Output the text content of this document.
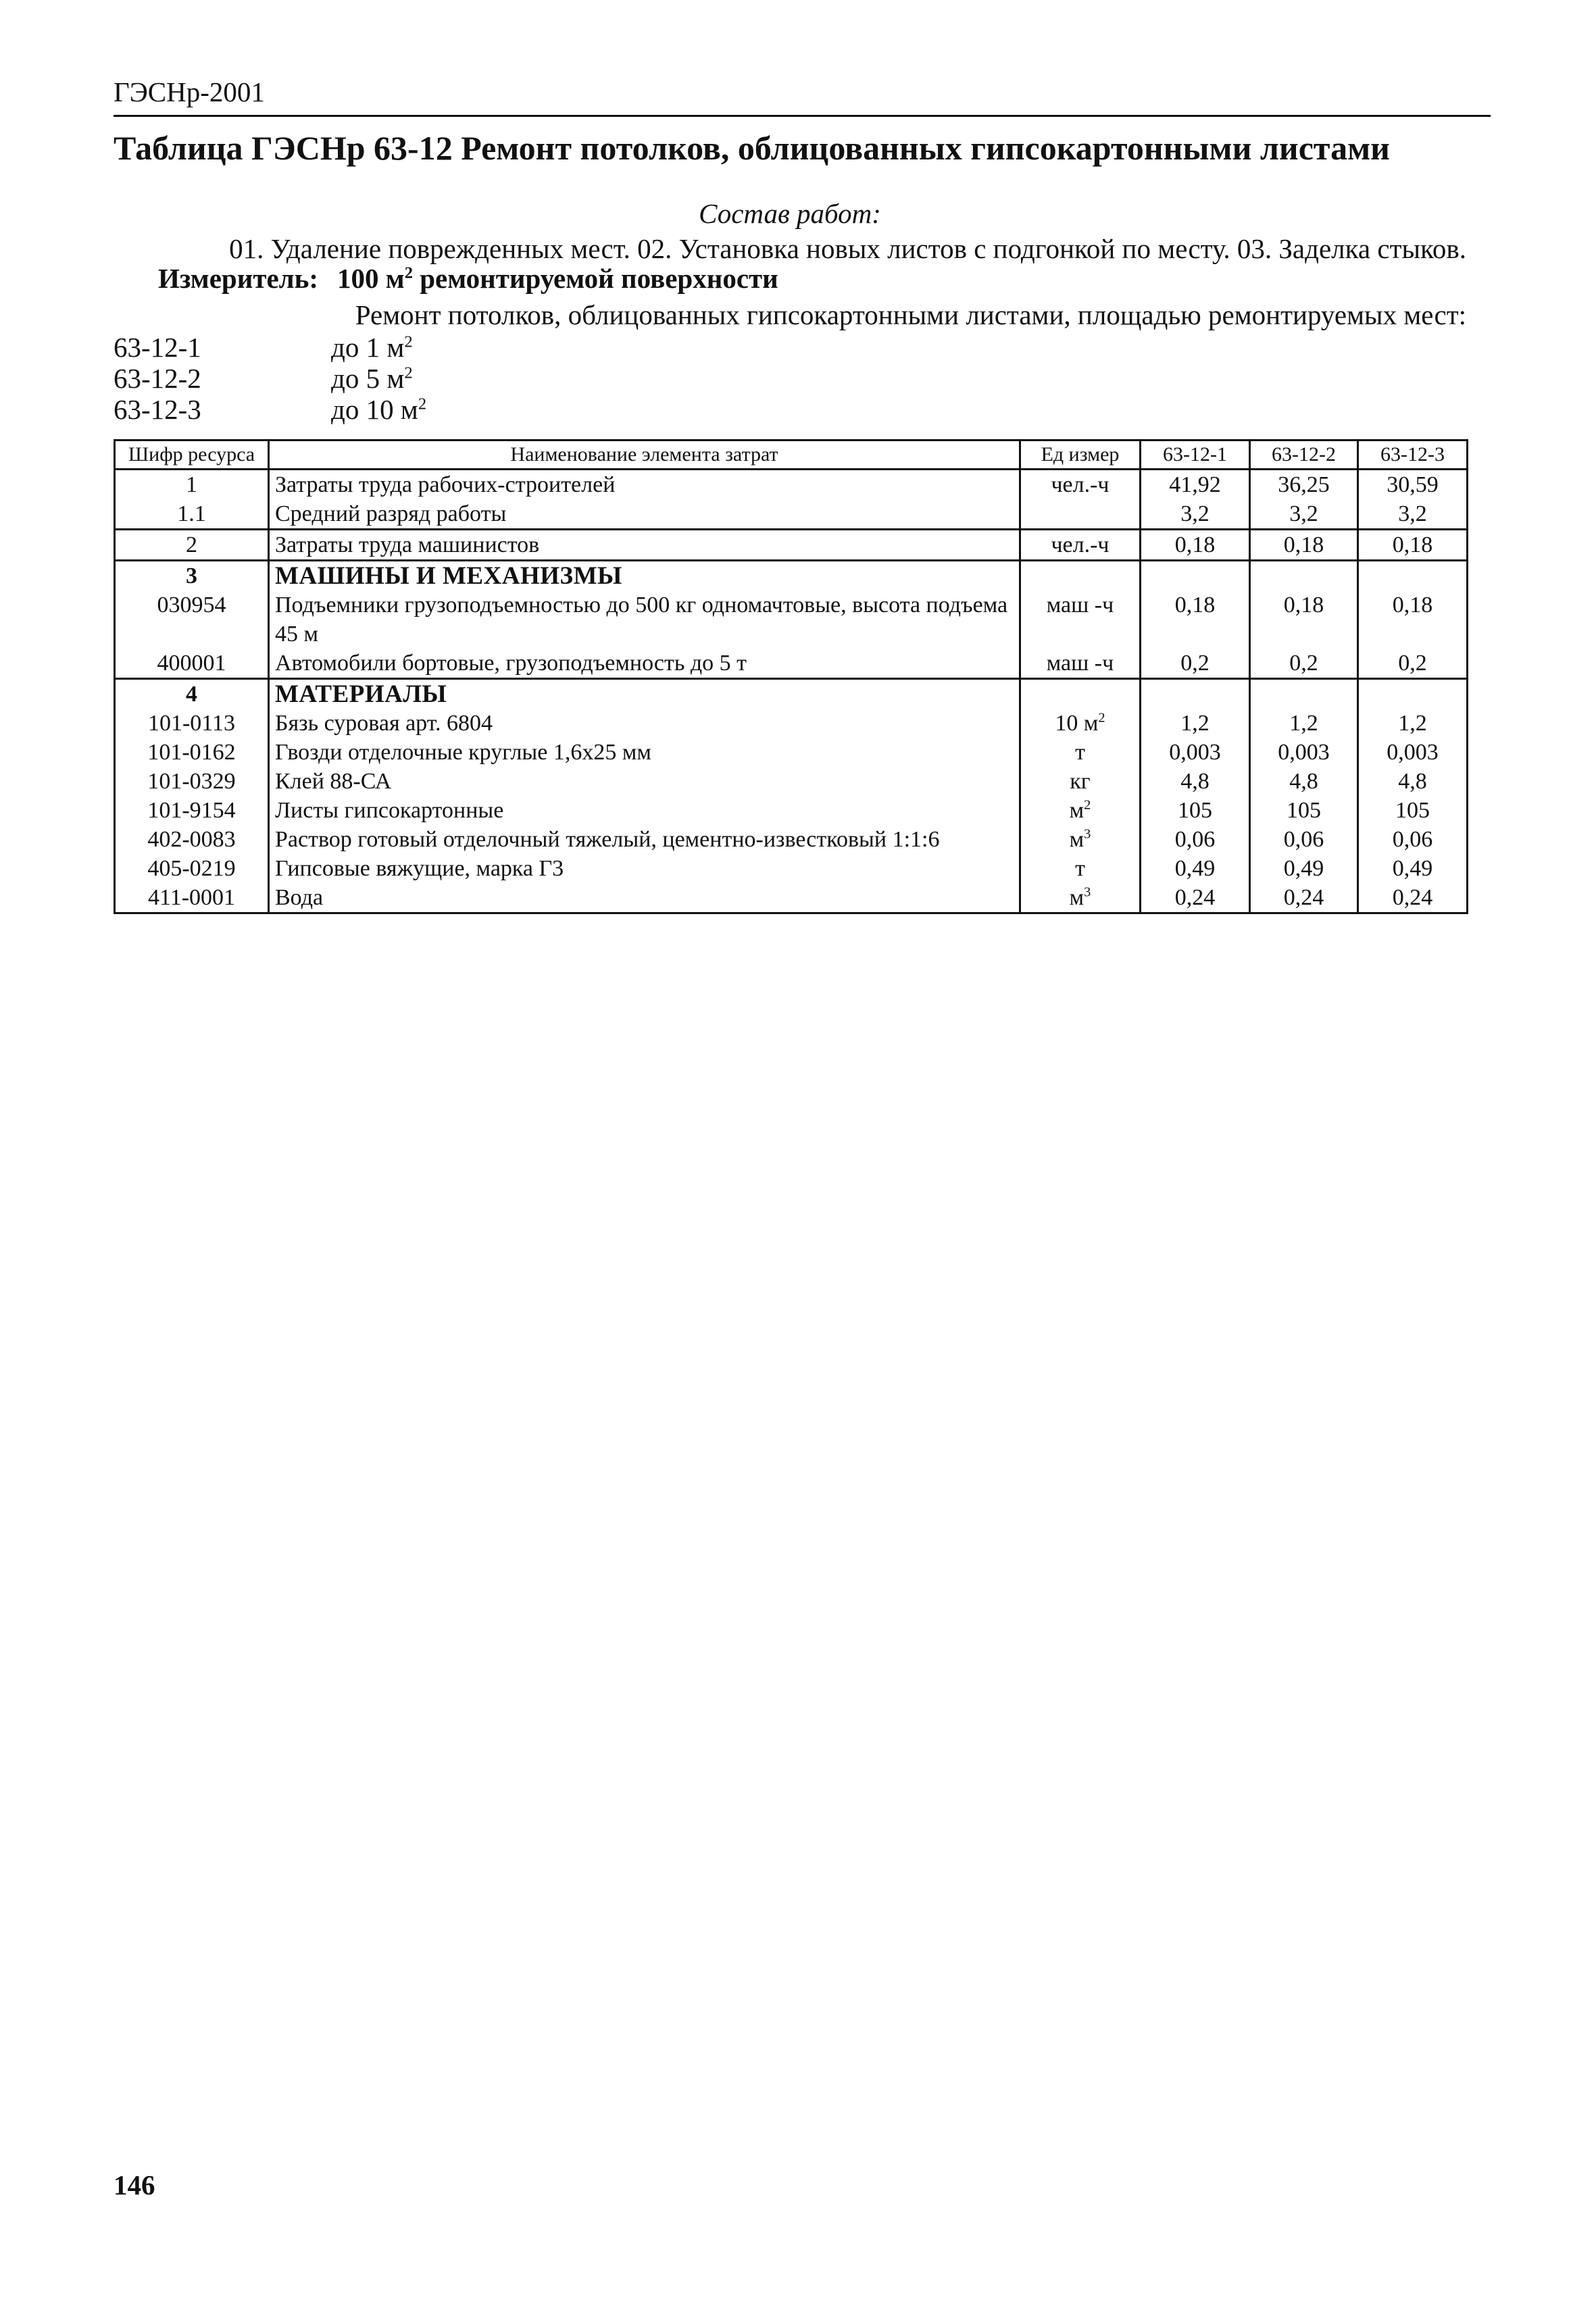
ГЭСНр-2001
Таблица ГЭСНр 63-12 Ремонт потолков, облицованных гипсокартонными листами
Состав работ:
01. Удаление поврежденных мест. 02. Установка новых листов с подгонкой по месту. 03. Заделка стыков.
Измеритель: 100 $м^2$ ремонтируемой поверхности
Ремонт потолков, облицованных гипсокартонными листами, площадью ремонтируемых мест:
63-12-1	до 1 $м^2$
63-12-2	до 5 $м^2$
63-12-3	до 10 $м^2$
Шифр ресурса	Наименование элемента затрат	Ед измер	63-12-1	63-12-2	63-12-3
1	Затраты труда рабочих-строителей	чел.-ч	41,92	36,25	30,59
1.1	Средний разряд работы		3,2	3,2	3,2
2	Затраты труда машинистов	чел.-ч	0,18	0,18	0,18
3	МАШИНЫ И МЕХАНИЗМЫ				
030954	Подъемники грузоподъемностью до 500 кг одномачтовые, высота подъема 45 м	маш -ч	0,18	0,18	0,18
400001	Автомобили бортовые, грузоподъемность до 5 т	маш -ч	0,2	0,2	0,2
4	МАТЕРИАЛЫ				
101-0113	Бязь суровая арт. 6804	10 $м^2$	1,2	1,2	1,2
101-0162	Гвозди отделочные круглые 1,6х25 мм	т	0,003	0,003	0,003
101-0329	Клей 88-СА	кг	4,8	4,8	4,8
101-9154	Листы гипсокартонные	$м^2$	105	105	105
402-0083	Раствор готовый отделочный тяжелый, цементно-известковый 1:1:6	$м^3$	0,06	0,06	0,06
405-0219	Гипсовые вяжущие, марка Г3	т	0,49	0,49	0,49
411-0001	Вода	$м^3$	0,24	0,24	0,24
146
